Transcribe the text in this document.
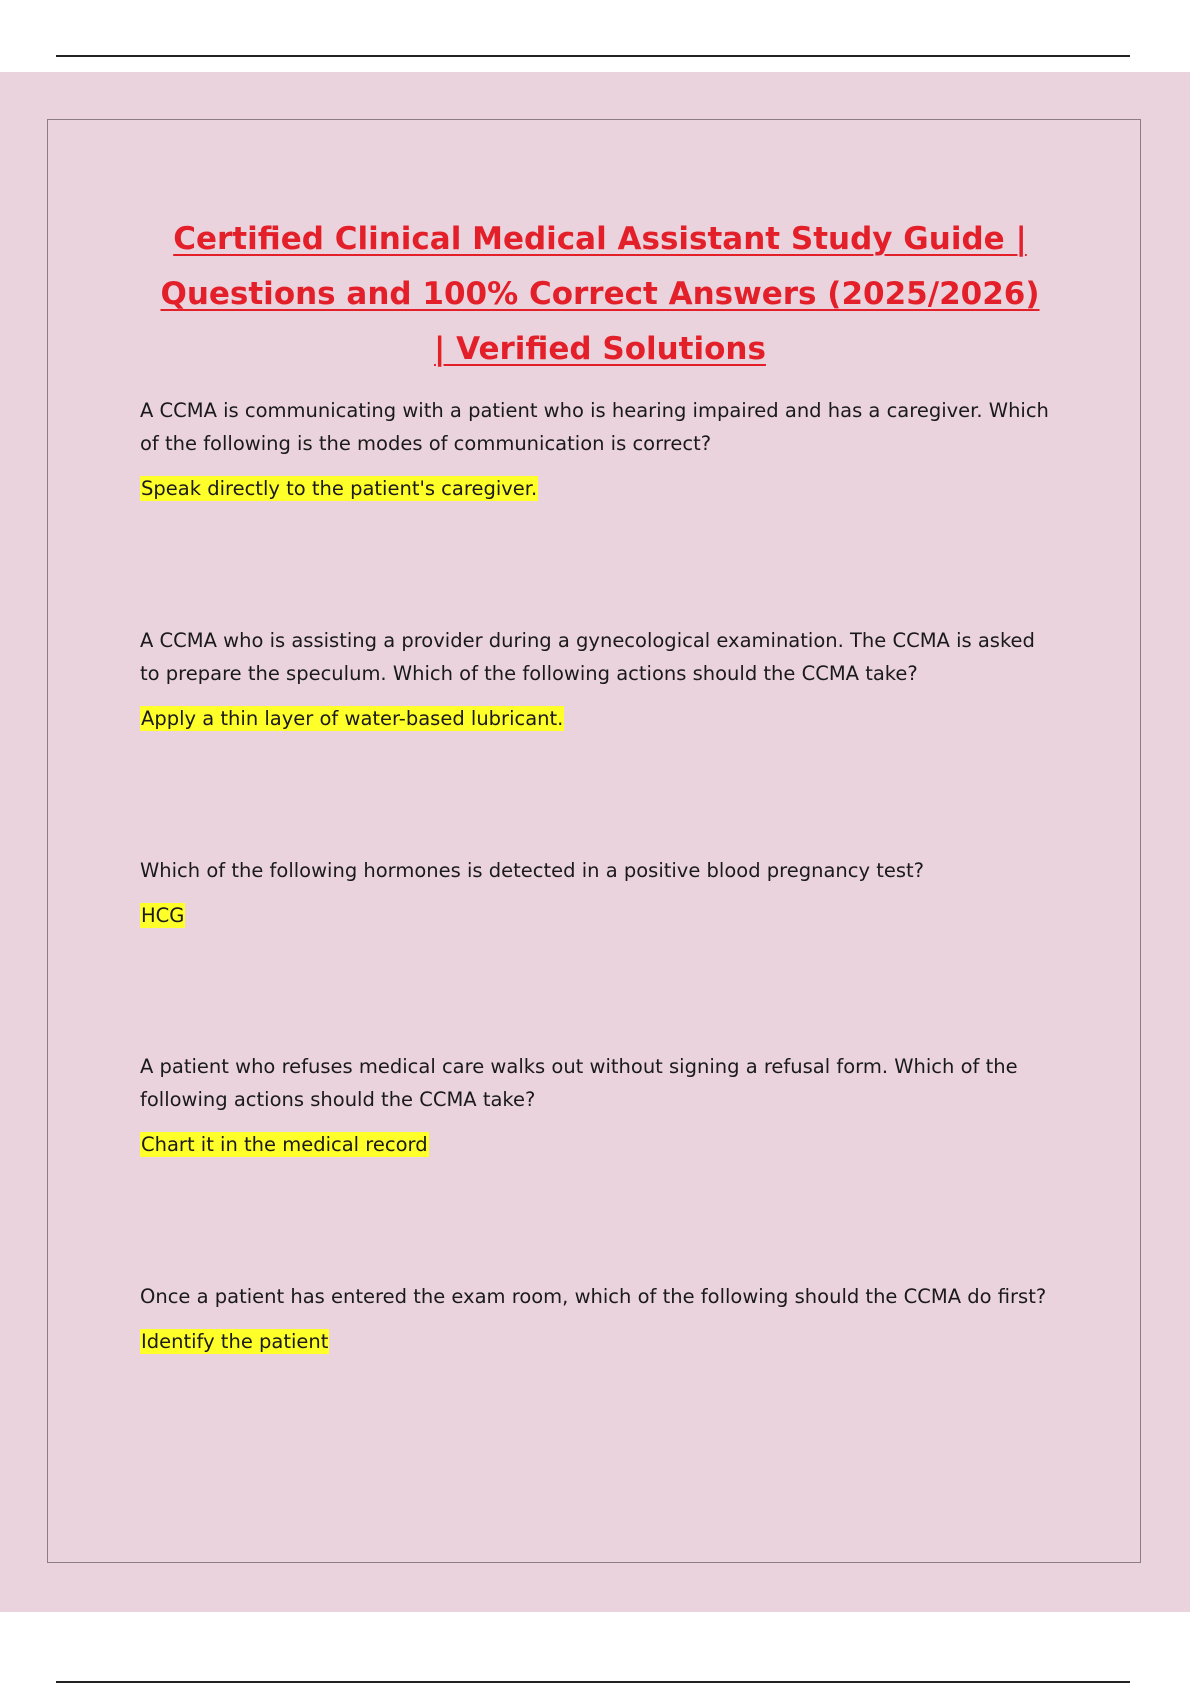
Certified Clinical Medical Assistant Study Guide | Questions and 100% Correct Answers (2025/2026) | Verified Solutions

A CCMA is communicating with a patient who is hearing impaired and has a caregiver. Which of the following is the modes of communication is correct?

Speak directly to the patient's caregiver.

A CCMA who is assisting a provider during a gynecological examination. The CCMA is asked to prepare the speculum. Which of the following actions should the CCMA take?

Apply a thin layer of water-based lubricant.

Which of the following hormones is detected in a positive blood pregnancy test?

HCG

A patient who refuses medical care walks out without signing a refusal form. Which of the following actions should the CCMA take?

Chart it in the medical record

Once a patient has entered the exam room, which of the following should the CCMA do first?

Identify the patient
